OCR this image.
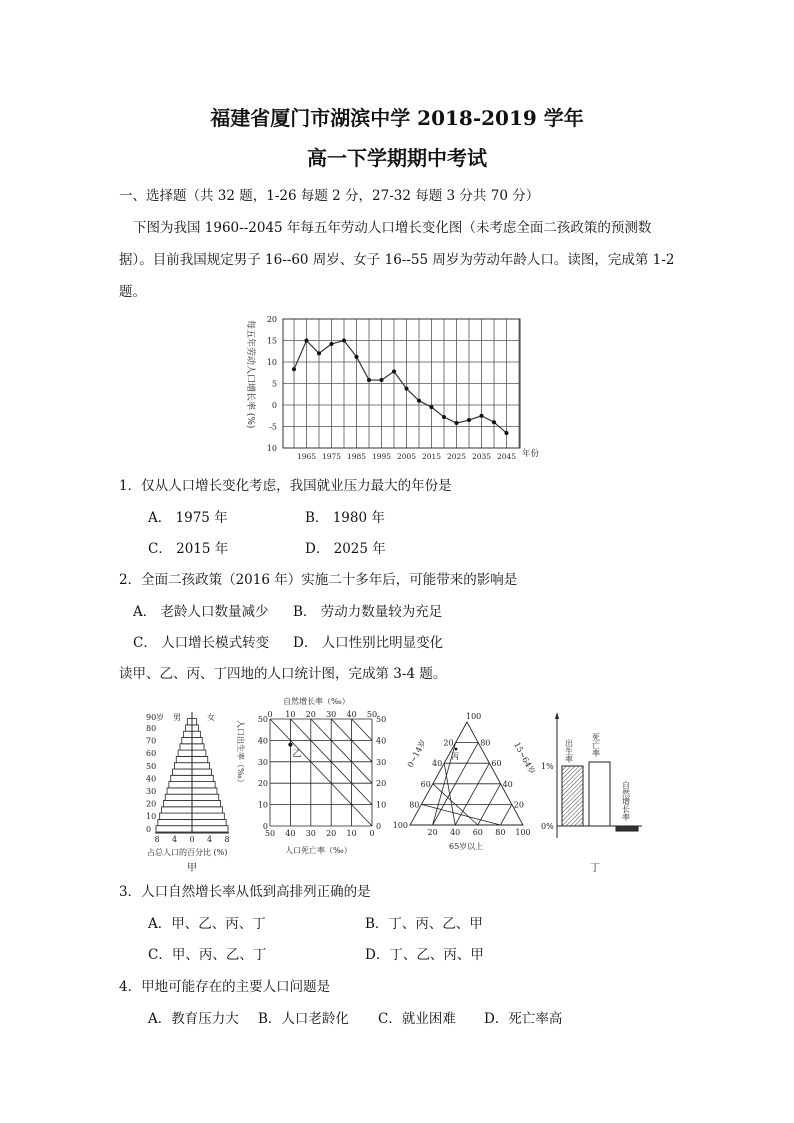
福建省厦门市湖滨中学 2018-2019 学年
高一下学期期中考试
一、选择题（共 32 题，1-26 每题 2 分，27-32 每题 3 分共 70 分）
下图为我国 1960--2045 年每五年劳动人口增长变化图（未考虑全面二孩政策的预测数
据）。目前我国规定男子 16--60 周岁、女子 16--55 周岁为劳动年龄人口。读图，完成第 1-2
题。
20
15
10
5
0
-5
10
1965 1975 1985 1995 2005 2015 2025 2035 2045 年份
每五年劳动人口增长率 (%)
1．仅从人口增长变化考虑，我国就业压力最大的年份是
A． 1975 年	B． 1980 年
C． 2015 年	D． 2025 年
2．全面二孩政策（2016 年）实施二十多年后，可能带来的影响是
A． 老龄人口数量减少 B． 劳动力数量较为充足
C． 人口增长模式转变 D． 人口性别比明显变化
读甲、乙、丙、丁四地的人口统计图，完成第 3-4 题。
90岁 男	女
80
70
60
50
40
30
20
10
0
8 4 0 4 8
占总人口的百分比 (%)
甲
自然增长率（‰）
0 10 20 30 40 50
50
40
30
20
10
0
50
40
30
20
10
0
50 40 30 20 10 0
人口出生率（‰）
人口死亡率（‰）
乙
20
40
60
80
100
80
60
40
20
20 40 60 80 100
100
0~14岁	15~64岁
65岁以上
丙
1%
0%
出生率 死亡率
自然增长率
丁
3．人口自然增长率从低到高排列正确的是
A．甲、乙、丙、丁	B．丁、丙、乙、甲
C．甲、丙、乙、丁	D．丁、乙、丙、甲
4．甲地可能存在的主要人口问题是
A．教育压力大 B．人口老龄化 C．就业困难 D．死亡率高
